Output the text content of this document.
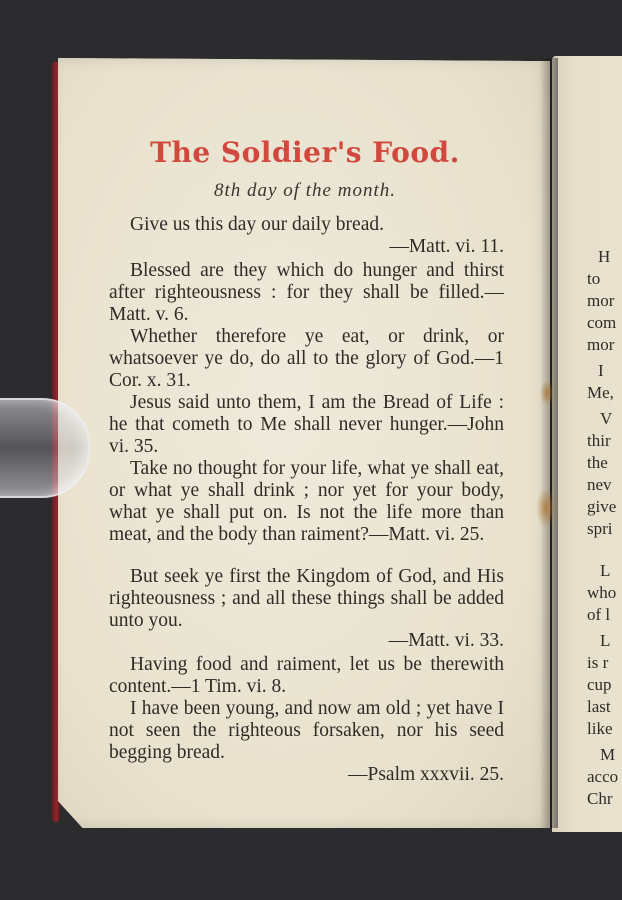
The Soldier's Food.
8th day of the month.

Give us this day our daily bread.

—Matt. vi. 11.

Blessed are they which do hunger and thirst after righteousness : for they shall be filled.—Matt. v. 6.

Whether therefore ye eat, or drink, or whatsoever ye do, do all to the glory of God.—1 Cor. x. 31.

Jesus said unto them, I am the Bread of Life : he that cometh to Me shall never hunger.—John vi. 35.

Take no thought for your life, what ye shall eat, or what ye shall drink ; nor yet for your body, what ye shall put on. Is not the life more than meat, and the body than raiment?—Matt. vi. 25.

But seek ye first the Kingdom of God, and His righteousness ; and all these things shall be added unto you.

—Matt. vi. 33.

Having food and raiment, let us be therewith content.—1 Tim. vi. 8.

I have been young, and now am old ; yet have I not seen the righteous forsaken, nor his seed begging bread.

—Psalm xxxvii. 25.

H
to
mor
com
mor
I
Me,
V
thir
the
nev
give
spri
L
who
of l
L
is r
cup
last
like
M
acco
Chr
